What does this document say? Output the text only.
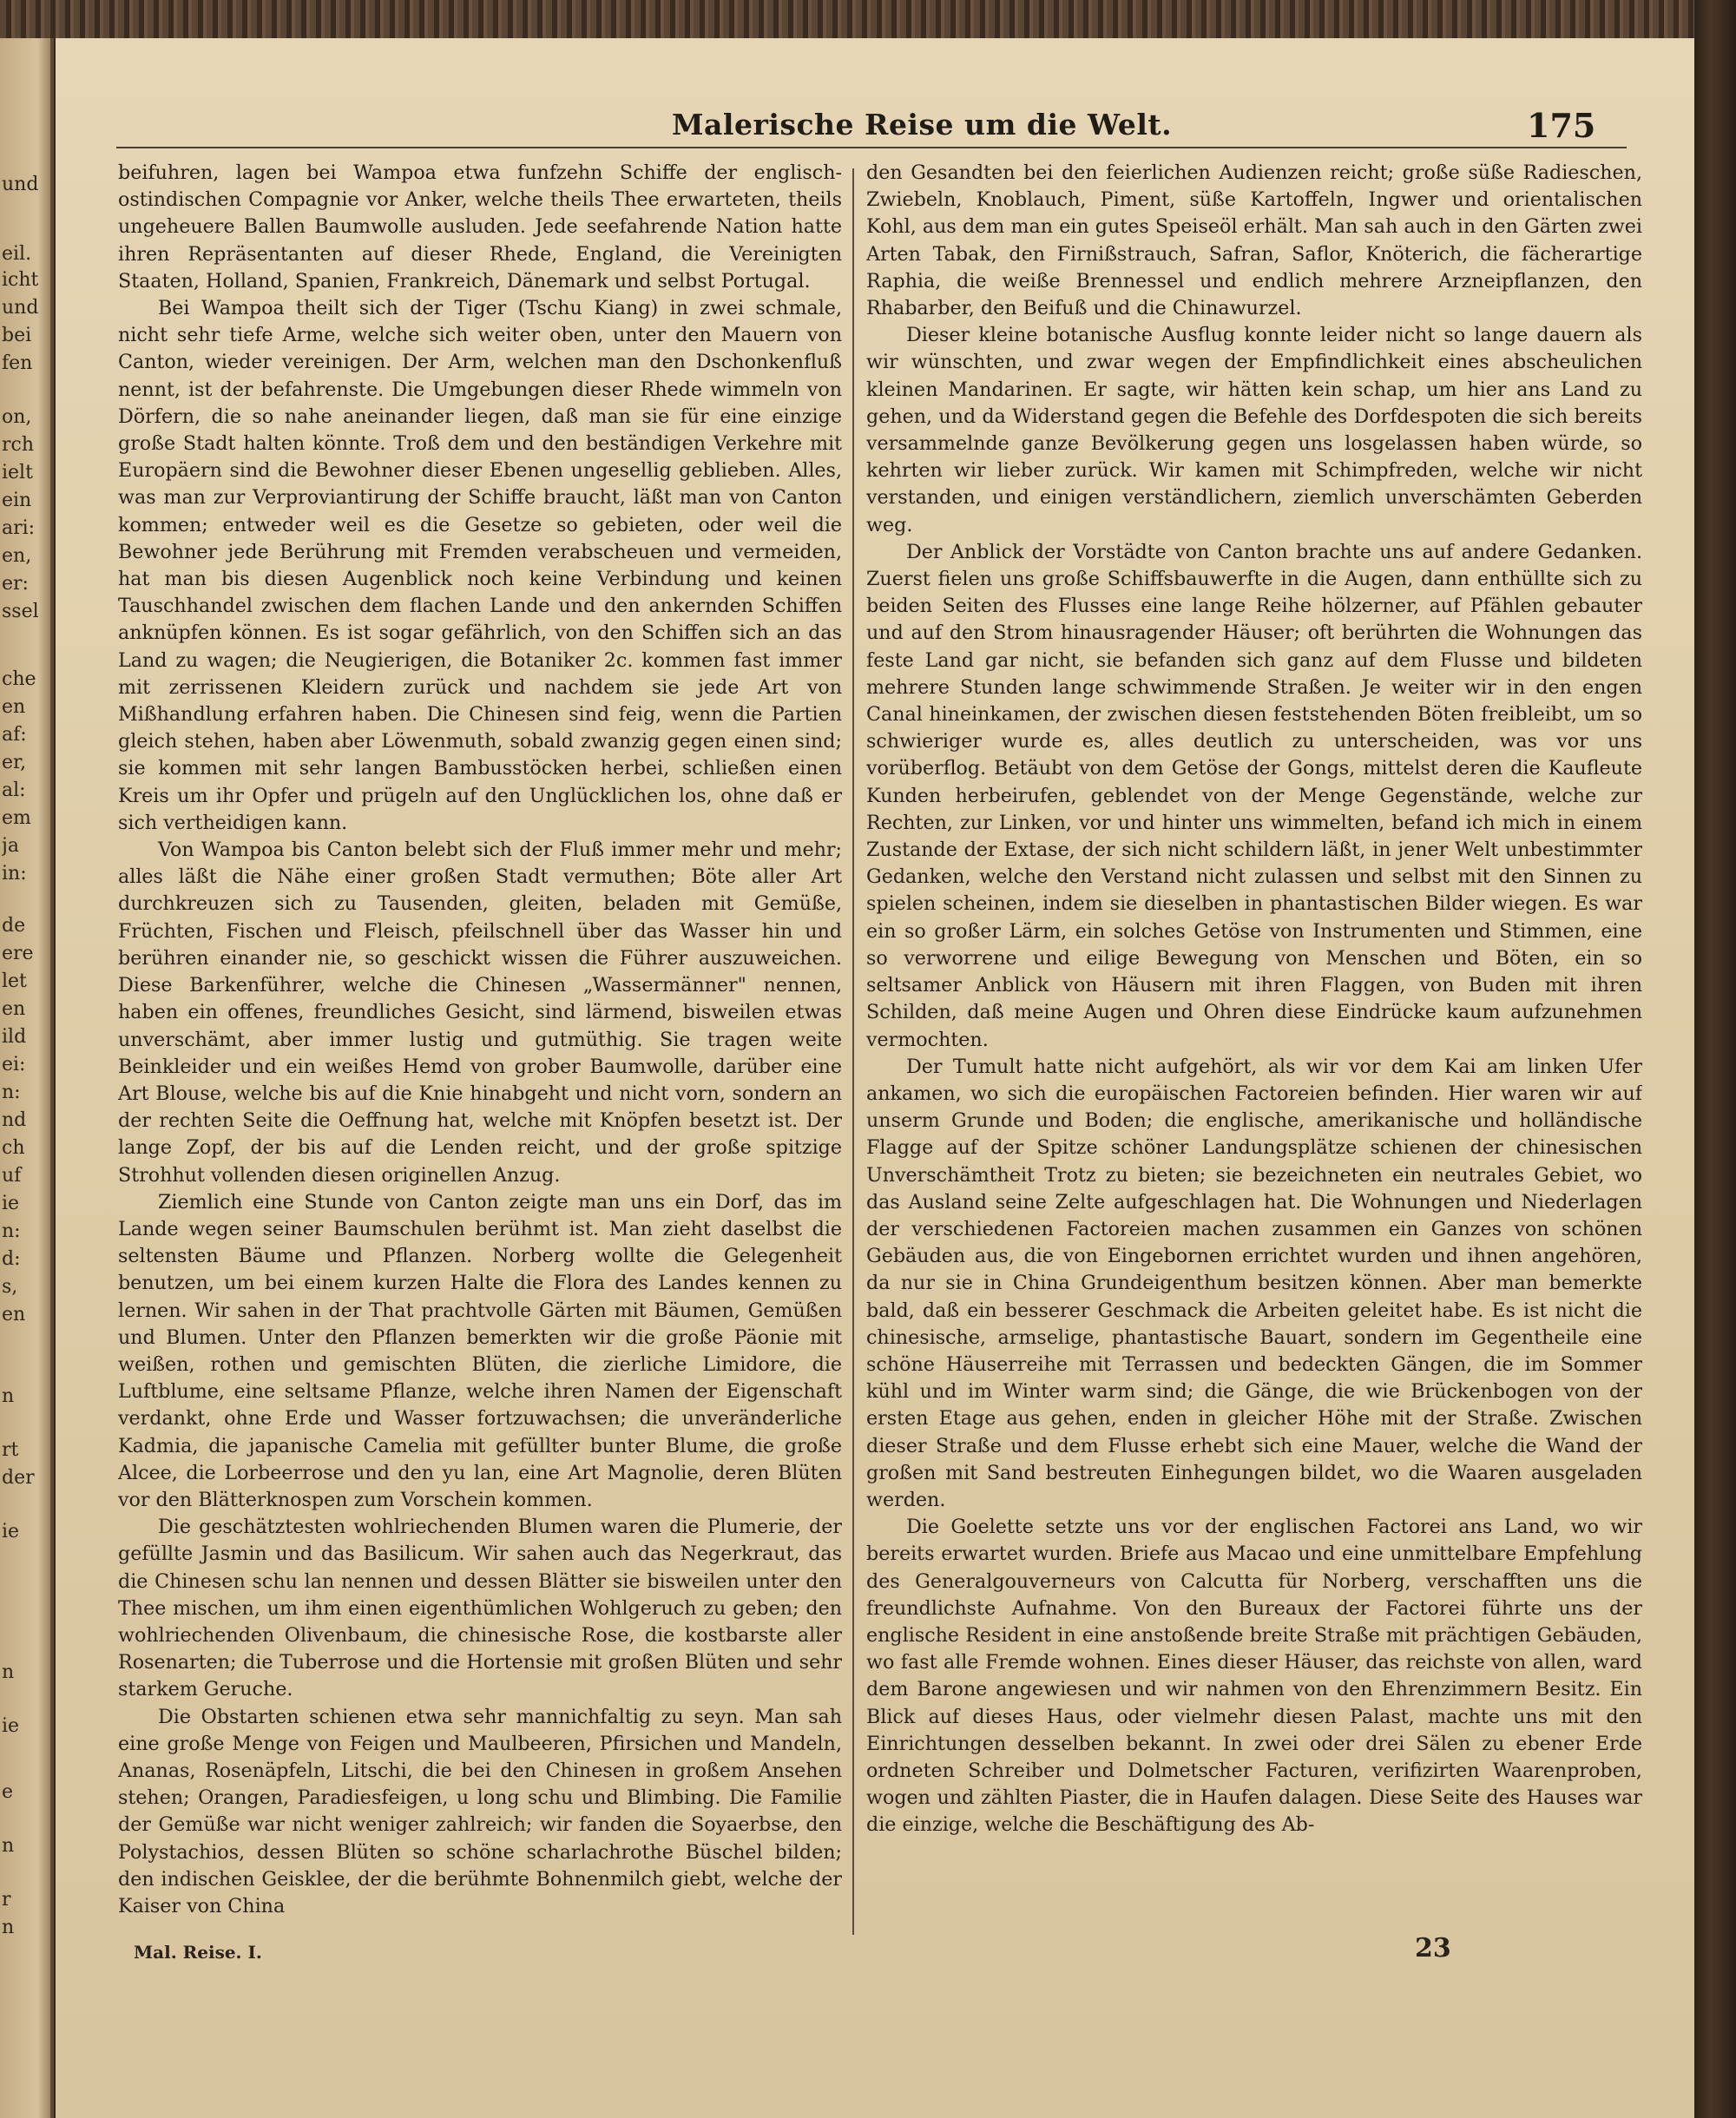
und
eil.
icht
und
bei
fen
on,
rch
ielt
ein
ari:
en,
er:
ssel
che
en
af:
er,
al:
em
ja
in:
de
ere
let
en
ild
ei:
n:
nd
ch
uf
ie
n:
d:
s,
en
n
rt
der
ie
n
ie
e
n
r
n
Malerische Reise um die Welt.	175

beifuhren, lagen bei Wampoa etwa funfzehn Schiffe der englisch-ostindischen Compagnie vor Anker, welche theils Thee erwarteten, theils ungeheuere Ballen Baumwolle ausluden. Jede seefahrende Nation hatte ihren Repräsentanten auf dieser Rhede, England, die Vereinigten Staaten, Holland, Spanien, Frankreich, Dänemark und selbst Portugal.

Bei Wampoa theilt sich der Tiger (Tschu Kiang) in zwei schmale, nicht sehr tiefe Arme, welche sich weiter oben, unter den Mauern von Canton, wieder vereinigen. Der Arm, welchen man den Dschonkenfluß nennt, ist der befahrenste. Die Umgebungen dieser Rhede wimmeln von Dörfern, die so nahe aneinander liegen, daß man sie für eine einzige große Stadt halten könnte. Troß dem und den beständigen Verkehre mit Europäern sind die Bewohner dieser Ebenen ungesellig geblieben. Alles, was man zur Verproviantirung der Schiffe braucht, läßt man von Canton kommen; entweder weil es die Gesetze so gebieten, oder weil die Bewohner jede Berührung mit Fremden verabscheuen und vermeiden, hat man bis diesen Augenblick noch keine Verbindung und keinen Tauschhandel zwischen dem flachen Lande und den ankernden Schiffen anknüpfen können. Es ist sogar gefährlich, von den Schiffen sich an das Land zu wagen; die Neugierigen, die Botaniker 2c. kommen fast immer mit zerrissenen Kleidern zurück und nachdem sie jede Art von Mißhandlung erfahren haben. Die Chinesen sind feig, wenn die Partien gleich stehen, haben aber Löwenmuth, sobald zwanzig gegen einen sind; sie kommen mit sehr langen Bambusstöcken herbei, schließen einen Kreis um ihr Opfer und prügeln auf den Unglücklichen los, ohne daß er sich vertheidigen kann.

Von Wampoa bis Canton belebt sich der Fluß immer mehr und mehr; alles läßt die Nähe einer großen Stadt vermuthen; Böte aller Art durchkreuzen sich zu Tausenden, gleiten, beladen mit Gemüße, Früchten, Fischen und Fleisch, pfeilschnell über das Wasser hin und berühren einander nie, so geschickt wissen die Führer auszuweichen. Diese Barkenführer, welche die Chinesen „Wassermänner" nennen, haben ein offenes, freundliches Gesicht, sind lärmend, bisweilen etwas unverschämt, aber immer lustig und gutmüthig. Sie tragen weite Beinkleider und ein weißes Hemd von grober Baumwolle, darüber eine Art Blouse, welche bis auf die Knie hinabgeht und nicht vorn, sondern an der rechten Seite die Oeffnung hat, welche mit Knöpfen besetzt ist. Der lange Zopf, der bis auf die Lenden reicht, und der große spitzige Strohhut vollenden diesen originellen Anzug.

Ziemlich eine Stunde von Canton zeigte man uns ein Dorf, das im Lande wegen seiner Baumschulen berühmt ist. Man zieht daselbst die seltensten Bäume und Pflanzen. Norberg wollte die Gelegenheit benutzen, um bei einem kurzen Halte die Flora des Landes kennen zu lernen. Wir sahen in der That prachtvolle Gärten mit Bäumen, Gemüßen und Blumen. Unter den Pflanzen bemerkten wir die große Päonie mit weißen, rothen und gemischten Blüten, die zierliche Limidore, die Luftblume, eine seltsame Pflanze, welche ihren Namen der Eigenschaft verdankt, ohne Erde und Wasser fortzuwachsen; die unveränderliche Kadmia, die japanische Camelia mit gefüllter bunter Blume, die große Alcee, die Lorbeerrose und den yu lan, eine Art Magnolie, deren Blüten vor den Blätterknospen zum Vorschein kommen.

Die geschätztesten wohlriechenden Blumen waren die Plumerie, der gefüllte Jasmin und das Basilicum. Wir sahen auch das Negerkraut, das die Chinesen schu lan nennen und dessen Blätter sie bisweilen unter den Thee mischen, um ihm einen eigenthümlichen Wohlgeruch zu geben; den wohlriechenden Olivenbaum, die chinesische Rose, die kostbarste aller Rosenarten; die Tuberrose und die Hortensie mit großen Blüten und sehr starkem Geruche.

Die Obstarten schienen etwa sehr mannichfaltig zu seyn. Man sah eine große Menge von Feigen und Maulbeeren, Pfirsichen und Mandeln, Ananas, Rosenäpfeln, Litschi, die bei den Chinesen in großem Ansehen stehen; Orangen, Paradiesfeigen, u long schu und Blimbing. Die Familie der Gemüße war nicht weniger zahlreich; wir fanden die Soyaerbse, den Polystachios, dessen Blüten so schöne scharlachrothe Büschel bilden; den indischen Geisklee, der die berühmte Bohnenmilch giebt, welche der Kaiser von China

den Gesandten bei den feierlichen Audienzen reicht; große süße Radieschen, Zwiebeln, Knoblauch, Piment, süße Kartoffeln, Ingwer und orientalischen Kohl, aus dem man ein gutes Speiseöl erhält. Man sah auch in den Gärten zwei Arten Tabak, den Firnißstrauch, Safran, Saflor, Knöterich, die fächerartige Raphia, die weiße Brennessel und endlich mehrere Arzneipflanzen, den Rhabarber, den Beifuß und die Chinawurzel.

Dieser kleine botanische Ausflug konnte leider nicht so lange dauern als wir wünschten, und zwar wegen der Empfindlichkeit eines abscheulichen kleinen Mandarinen. Er sagte, wir hätten kein schap, um hier ans Land zu gehen, und da Widerstand gegen die Befehle des Dorfdespoten die sich bereits versammelnde ganze Bevölkerung gegen uns losgelassen haben würde, so kehrten wir lieber zurück. Wir kamen mit Schimpfreden, welche wir nicht verstanden, und einigen verständlichern, ziemlich unverschämten Geberden weg.

Der Anblick der Vorstädte von Canton brachte uns auf andere Gedanken. Zuerst fielen uns große Schiffsbauwerfte in die Augen, dann enthüllte sich zu beiden Seiten des Flusses eine lange Reihe hölzerner, auf Pfählen gebauter und auf den Strom hinausragender Häuser; oft berührten die Wohnungen das feste Land gar nicht, sie befanden sich ganz auf dem Flusse und bildeten mehrere Stunden lange schwimmende Straßen. Je weiter wir in den engen Canal hineinkamen, der zwischen diesen feststehenden Böten freibleibt, um so schwieriger wurde es, alles deutlich zu unterscheiden, was vor uns vorüberflog. Betäubt von dem Getöse der Gongs, mittelst deren die Kaufleute Kunden herbeirufen, geblendet von der Menge Gegenstände, welche zur Rechten, zur Linken, vor und hinter uns wimmelten, befand ich mich in einem Zustande der Extase, der sich nicht schildern läßt, in jener Welt unbestimmter Gedanken, welche den Verstand nicht zulassen und selbst mit den Sinnen zu spielen scheinen, indem sie dieselben in phantastischen Bilder wiegen. Es war ein so großer Lärm, ein solches Getöse von Instrumenten und Stimmen, eine so verworrene und eilige Bewegung von Menschen und Böten, ein so seltsamer Anblick von Häusern mit ihren Flaggen, von Buden mit ihren Schilden, daß meine Augen und Ohren diese Eindrücke kaum aufzunehmen vermochten.

Der Tumult hatte nicht aufgehört, als wir vor dem Kai am linken Ufer ankamen, wo sich die europäischen Factoreien befinden. Hier waren wir auf unserm Grunde und Boden; die englische, amerikanische und holländische Flagge auf der Spitze schöner Landungsplätze schienen der chinesischen Unverschämtheit Trotz zu bieten; sie bezeichneten ein neutrales Gebiet, wo das Ausland seine Zelte aufgeschlagen hat. Die Wohnungen und Niederlagen der verschiedenen Factoreien machen zusammen ein Ganzes von schönen Gebäuden aus, die von Eingebornen errichtet wurden und ihnen angehören, da nur sie in China Grundeigenthum besitzen können. Aber man bemerkte bald, daß ein besserer Geschmack die Arbeiten geleitet habe. Es ist nicht die chinesische, armselige, phantastische Bauart, sondern im Gegentheile eine schöne Häuserreihe mit Terrassen und bedeckten Gängen, die im Sommer kühl und im Winter warm sind; die Gänge, die wie Brückenbogen von der ersten Etage aus gehen, enden in gleicher Höhe mit der Straße. Zwischen dieser Straße und dem Flusse erhebt sich eine Mauer, welche die Wand der großen mit Sand bestreuten Einhegungen bildet, wo die Waaren ausgeladen werden.

Die Goelette setzte uns vor der englischen Factorei ans Land, wo wir bereits erwartet wurden. Briefe aus Macao und eine unmittelbare Empfehlung des Generalgouverneurs von Calcutta für Norberg, verschafften uns die freundlichste Aufnahme. Von den Bureaux der Factorei führte uns der englische Resident in eine anstoßende breite Straße mit prächtigen Gebäuden, wo fast alle Fremde wohnen. Eines dieser Häuser, das reichste von allen, ward dem Barone angewiesen und wir nahmen von den Ehrenzimmern Besitz. Ein Blick auf dieses Haus, oder vielmehr diesen Palast, machte uns mit den Einrichtungen desselben bekannt. In zwei oder drei Sälen zu ebener Erde ordneten Schreiber und Dolmetscher Facturen, verifizirten Waarenproben, wogen und zählten Piaster, die in Haufen dalagen. Diese Seite des Hauses war die einzige, welche die Beschäftigung des Ab-

Mal. Reise. I.	23
